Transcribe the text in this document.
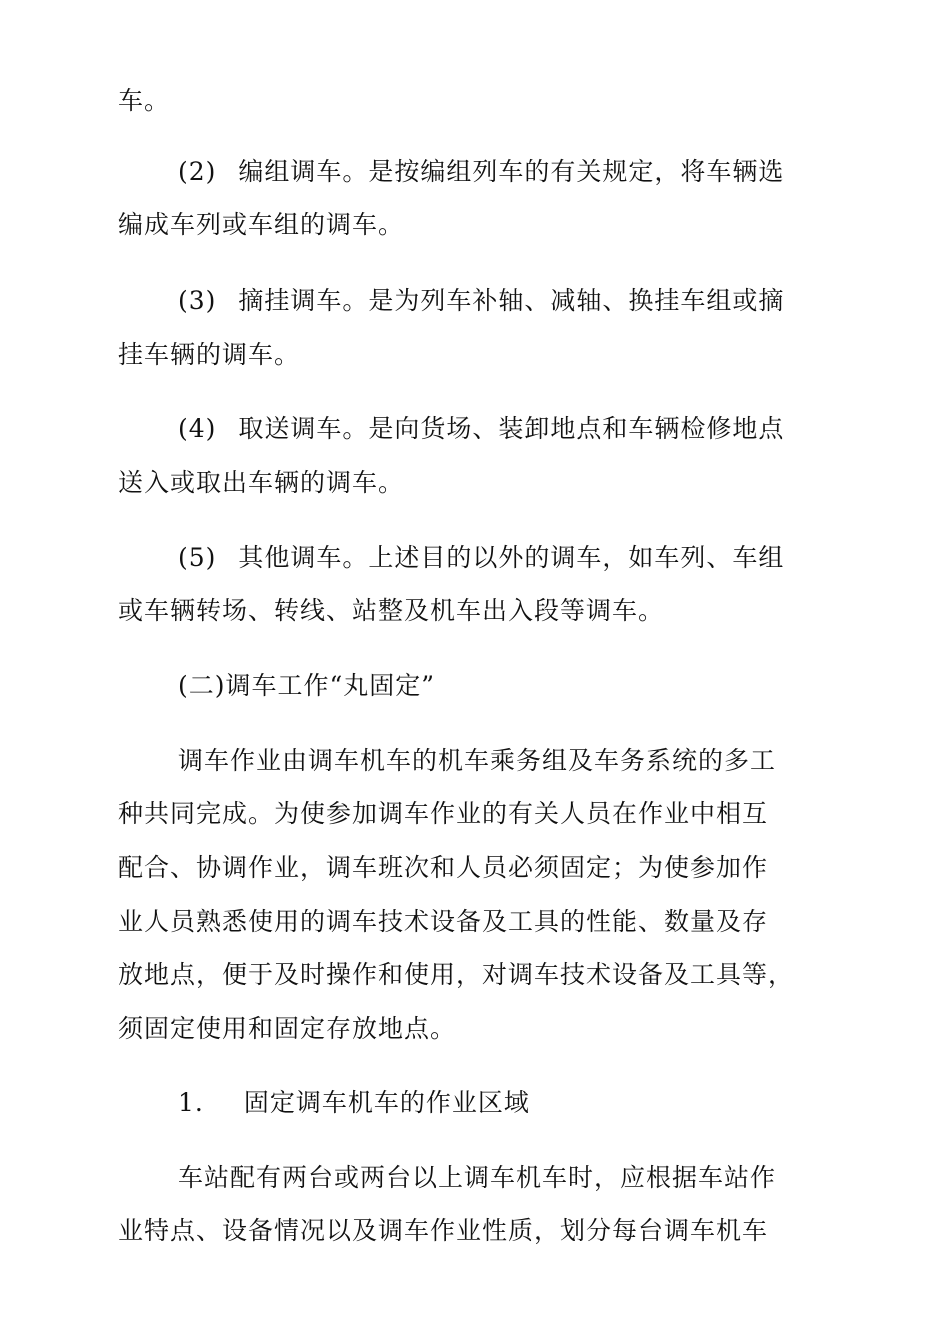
车。
(2) 编组调车。是按编组列车的有关规定，将车辆选
编成车列或车组的调车。
(3) 摘挂调车。是为列车补轴、减轴、换挂车组或摘
挂车辆的调车。
(4) 取送调车。是向货场、装卸地点和车辆检修地点
送入或取出车辆的调车。
(5) 其他调车。上述目的以外的调车，如车列、车组
或车辆转场、转线、站整及机车出入段等调车。
(二)调车工作“丸固定”
调车作业由调车机车的机车乘务组及车务系统的多工
种共同完成。为使参加调车作业的有关人员在作业中相互
配合、协调作业，调车班次和人员必须固定；为使参加作
业人员熟悉使用的调车技术设备及工具的性能、数量及存
放地点，便于及时操作和使用，对调车技术设备及工具等，
须固定使用和固定存放地点。
1. 固定调车机车的作业区域
车站配有两台或两台以上调车机车时，应根据车站作
业特点、设备情况以及调车作业性质，划分每台调车机车
